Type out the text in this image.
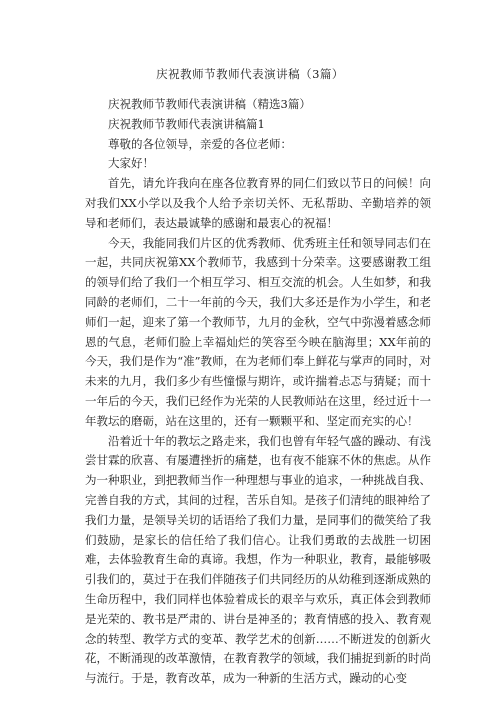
庆祝教师节教师代表演讲稿（3篇）

庆祝教师节教师代表演讲稿（精选3篇）

庆祝教师节教师代表演讲稿篇1

尊敬的各位领导，亲爱的各位老师：

大家好！

首先，请允许我向在座各位教育界的同仁们致以节日的问候！向对我们XX小学以及我个人给予亲切关怀、无私帮助、辛勤培养的领导和老师们，表达最诚挚的感谢和最衷心的祝福！

今天，我能同我们片区的优秀教师、优秀班主任和领导同志们在一起，共同庆祝第XX个教师节，我感到十分荣幸。这要感谢教工组的领导们给了我们一个相互学习、相互交流的机会。人生如梦，和我同龄的老师们，二十一年前的今天，我们大多还是作为小学生，和老师们一起，迎来了第一个教师节，九月的金秋，空气中弥漫着感念师恩的气息，老师们脸上幸福灿烂的笑容至今映在脑海里；XX年前的今天，我们是作为“准”教师，在为老师们奉上鲜花与掌声的同时，对未来的九月，我们多少有些憧憬与期许，或许揣着忐忑与猜疑；而十一年后的今天，我们已经作为光荣的人民教师站在这里，经过近十一年教坛的磨砺，站在这里的，还有一颗颗平和、坚定而充实的心！

沿着近十年的教坛之路走来，我们也曾有年轻气盛的躁动、有浅尝甘霖的欣喜、有屡遭挫折的痛楚，也有夜不能寐不休的焦虑。从作为一种职业，到把教师当作一种理想与事业的追求，一种挑战自我、完善自我的方式，其间的过程，苦乐自知。是孩子们清纯的眼神给了我们力量，是领导关切的话语给了我们力量，是同事们的微笑给了我们鼓励，是家长的信任给了我们信心。让我们勇敢的去战胜一切困难，去体验教育生命的真谛。我想，作为一种职业，教育，最能够吸引我们的，莫过于在我们伴随孩子们共同经历的从幼稚到逐渐成熟的生命历程中，我们同样也体验着成长的艰辛与欢乐，真正体会到教师是光荣的、教书是严肃的、讲台是神圣的；教育情感的投入、教育观念的转型、教学方式的变革、教学艺术的创新……不断迸发的创新火花，不断涌现的改革激情，在教育教学的领域，我们捕捉到新的时尚与流行。于是，教育改革，成为一种新的生活方式，躁动的心变
